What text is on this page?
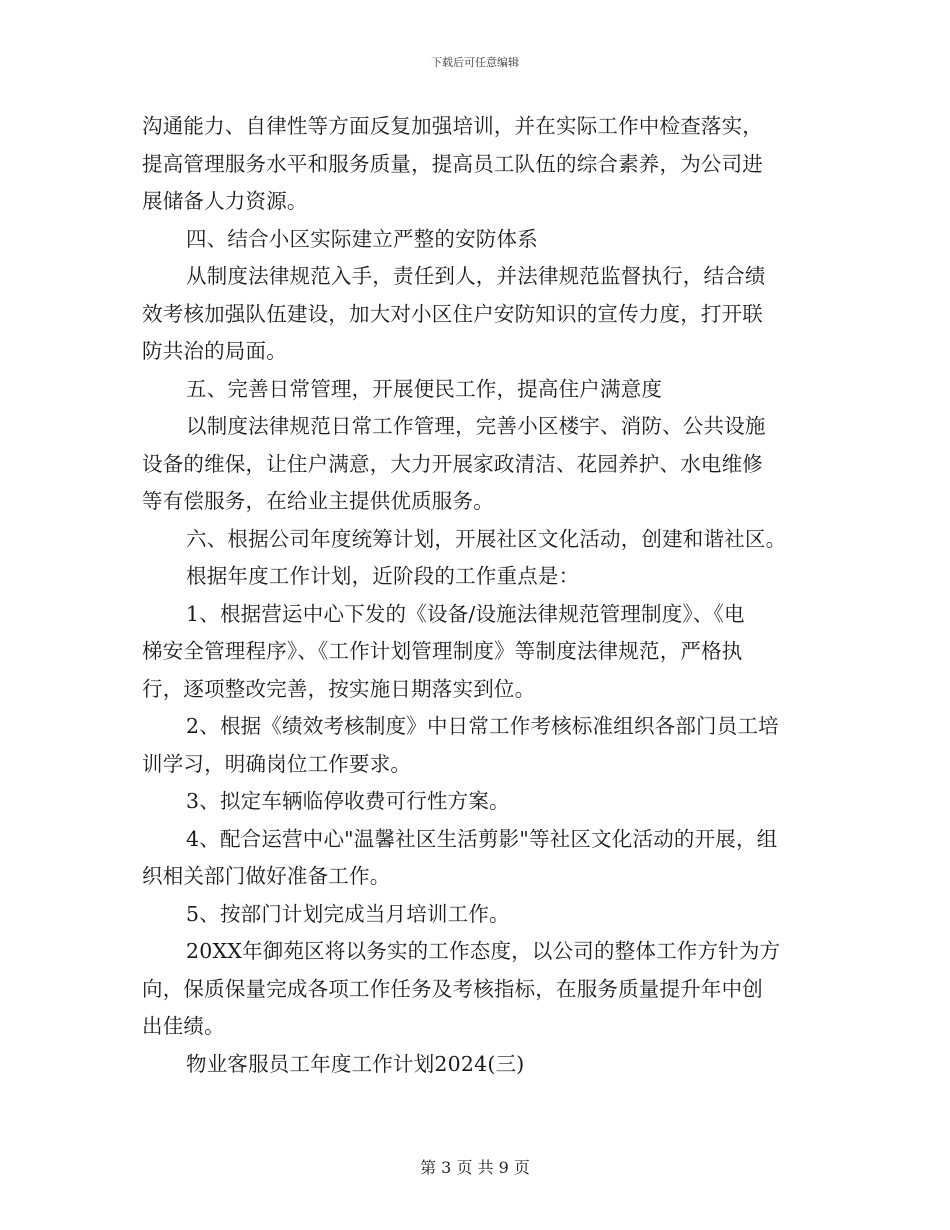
下载后可任意编辑
沟通能力、自律性等方面反复加强培训，并在实际工作中检查落实，
提高管理服务水平和服务质量，提高员工队伍的综合素养，为公司进
展储备人力资源。
四、结合小区实际建立严整的安防体系
从制度法律规范入手，责任到人，并法律规范监督执行，结合绩
效考核加强队伍建设，加大对小区住户安防知识的宣传力度，打开联
防共治的局面。
五、完善日常管理，开展便民工作，提高住户满意度
以制度法律规范日常工作管理，完善小区楼宇、消防、公共设施
设备的维保，让住户满意，大力开展家政清洁、花园养护、水电维修
等有偿服务，在给业主提供优质服务。
六、根据公司年度统筹计划，开展社区文化活动，创建和谐社区。
根据年度工作计划，近阶段的工作重点是：
1、根据营运中心下发的《设备/设施法律规范管理制度》、《电
梯安全管理程序》、《工作计划管理制度》等制度法律规范，严格执
行，逐项整改完善，按实施日期落实到位。
2、根据《绩效考核制度》中日常工作考核标准组织各部门员工培
训学习，明确岗位工作要求。
3、拟定车辆临停收费可行性方案。
4、配合运营中心"温馨社区生活剪影"等社区文化活动的开展，组
织相关部门做好准备工作。
5、按部门计划完成当月培训工作。
20XX年御苑区将以务实的工作态度，以公司的整体工作方针为方
向，保质保量完成各项工作任务及考核指标，在服务质量提升年中创
出佳绩。
物业客服员工年度工作计划2024(三)
第 3 页 共 9 页
